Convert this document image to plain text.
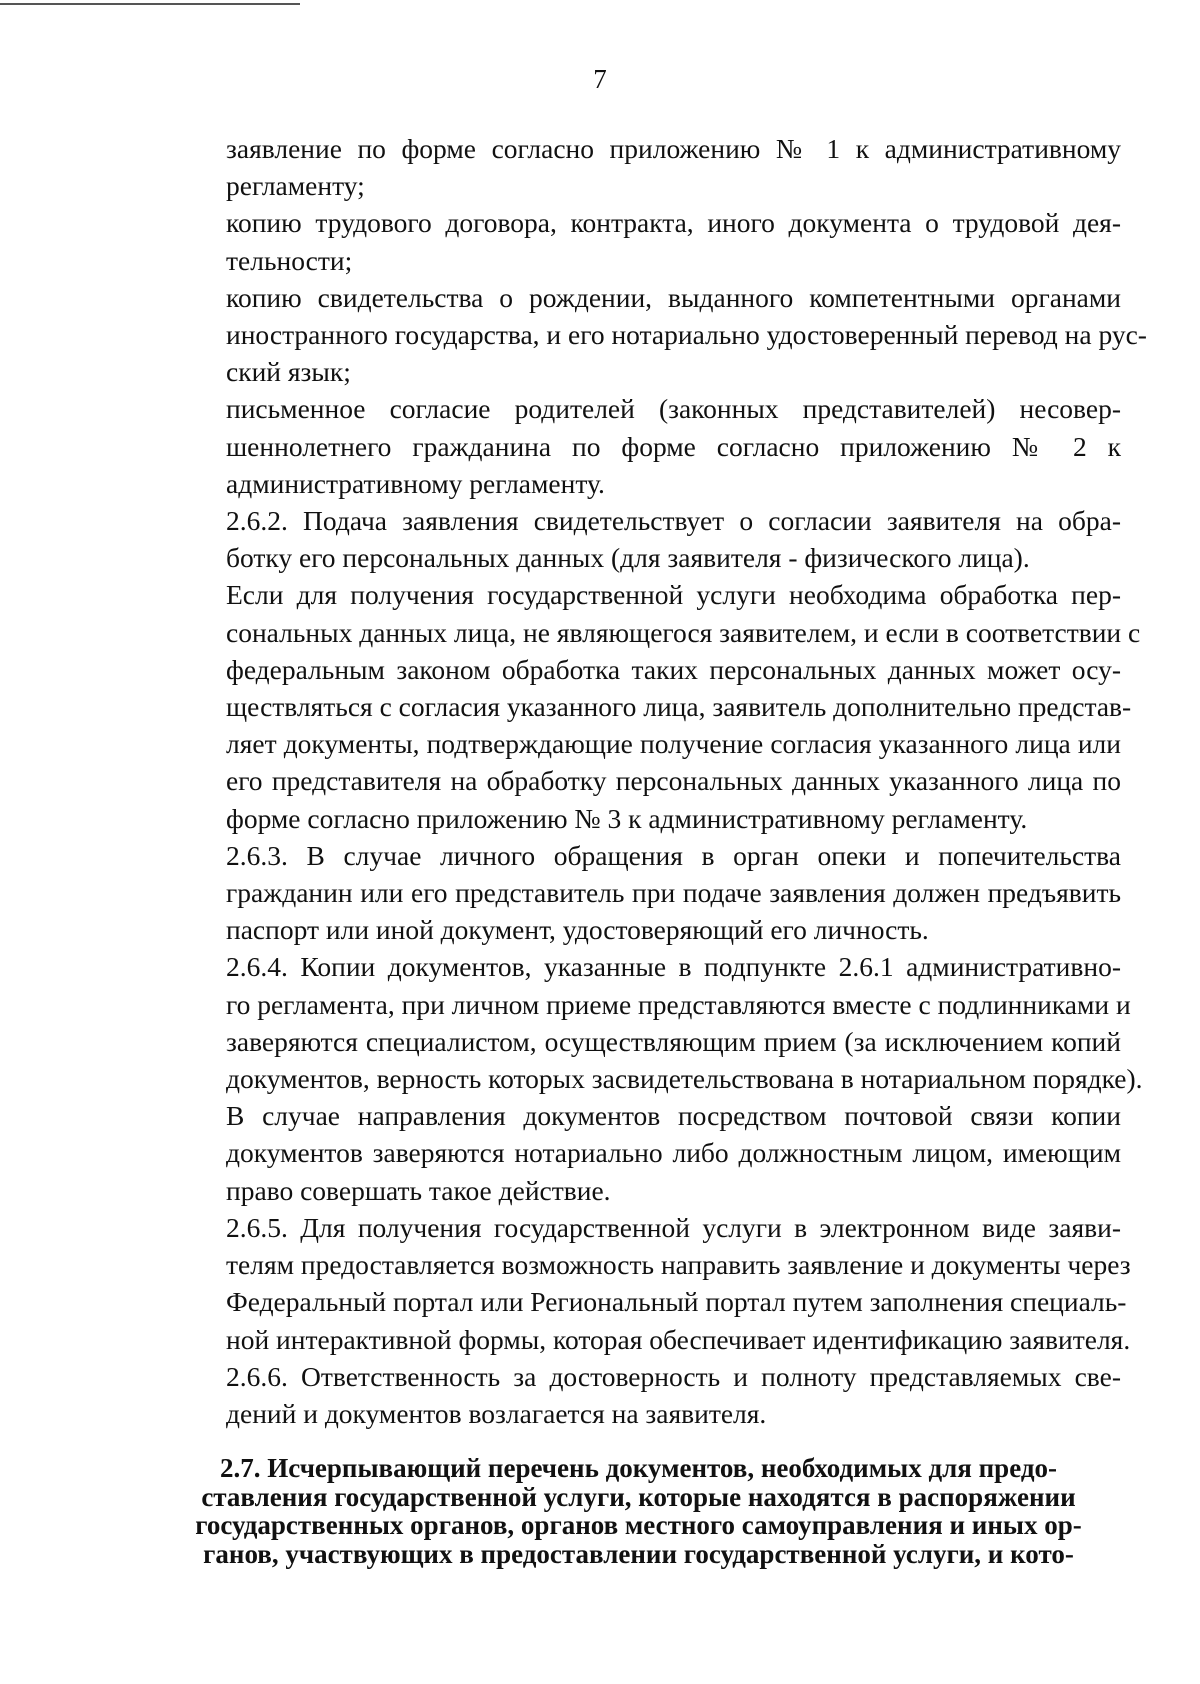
7

заявление по форме согласно приложению № 1 к административному
регламенту;

копию трудового договора, контракта, иного документа о трудовой дея-
тельности;

копию свидетельства о рождении, выданного компетентными органами
иностранного государства, и его нотариально удостоверенный перевод на рус-
ский язык;

письменное согласие родителей (законных представителей) несовер-
шеннолетнего гражданина по форме согласно приложению № 2 к
административному регламенту.

2.6.2. Подача заявления свидетельствует о согласии заявителя на обра-
ботку его персональных данных (для заявителя - физического лица).

Если для получения государственной услуги необходима обработка пер-
сональных данных лица, не являющегося заявителем, и если в соответствии с
федеральным законом обработка таких персональных данных может осу-
ществляться с согласия указанного лица, заявитель дополнительно представ-
ляет документы, подтверждающие получение согласия указанного лица или
его представителя на обработку персональных данных указанного лица по
форме согласно приложению № 3 к административному регламенту.

2.6.3. В случае личного обращения в орган опеки и попечительства
гражданин или его представитель при подаче заявления должен предъявить
паспорт или иной документ, удостоверяющий его личность.

2.6.4. Копии документов, указанные в подпункте 2.6.1 административно-
го регламента, при личном приеме представляются вместе с подлинниками и
заверяются специалистом, осуществляющим прием (за исключением копий
документов, верность которых засвидетельствована в нотариальном порядке).

В случае направления документов посредством почтовой связи копии
документов заверяются нотариально либо должностным лицом, имеющим
право совершать такое действие.

2.6.5. Для получения государственной услуги в электронном виде заяви-
телям предоставляется возможность направить заявление и документы через
Федеральный портал или Региональный портал путем заполнения специаль-
ной интерактивной формы, которая обеспечивает идентификацию заявителя.

2.6.6. Ответственность за достоверность и полноту представляемых све-
дений и документов возлагается на заявителя.

2.7. Исчерпывающий перечень документов, необходимых для предо-
ставления государственной услуги, которые находятся в распоряжении
государственных органов, органов местного самоуправления и иных ор-
ганов, участвующих в предоставлении государственной услуги, и кото-
